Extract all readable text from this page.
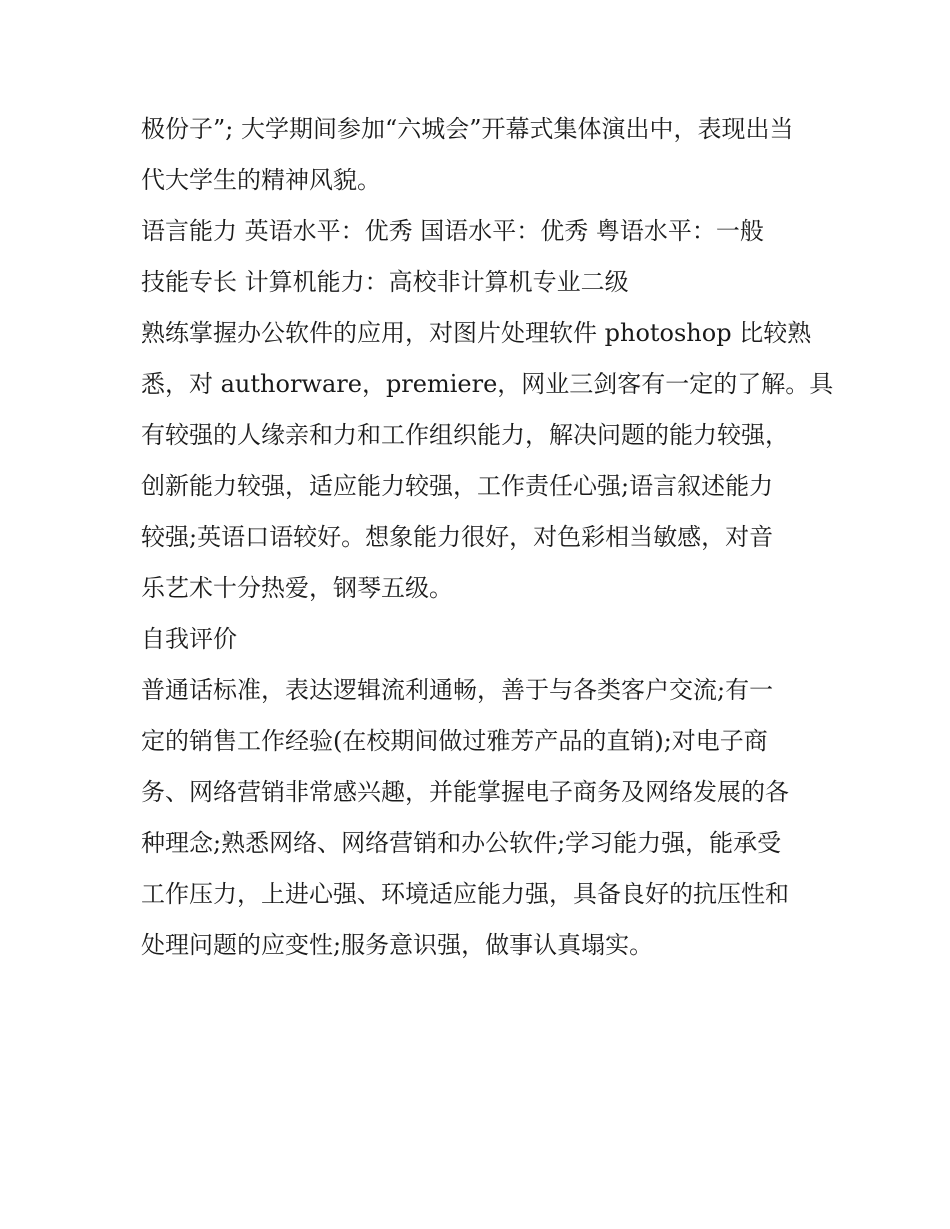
极份子”; 大学期间参加“六城会”开幕式集体演出中，表现出当
代大学生的精神风貌。
语言能力 英语水平：优秀 国语水平：优秀 粤语水平：一般
技能专长 计算机能力：高校非计算机专业二级
熟练掌握办公软件的应用，对图片处理软件 photoshop 比较熟
悉，对 authorware，premiere，网业三剑客有一定的了解。具
有较强的人缘亲和力和工作组织能力，解决问题的能力较强，
创新能力较强，适应能力较强，工作责任心强;语言叙述能力
较强;英语口语较好。想象能力很好，对色彩相当敏感，对音
乐艺术十分热爱，钢琴五级。
自我评价
普通话标准，表达逻辑流利通畅，善于与各类客户交流;有一
定的销售工作经验(在校期间做过雅芳产品的直销);对电子商
务、网络营销非常感兴趣，并能掌握电子商务及网络发展的各
种理念;熟悉网络、网络营销和办公软件;学习能力强，能承受
工作压力，上进心强、环境适应能力强，具备良好的抗压性和
处理问题的应变性;服务意识强，做事认真塌实。
